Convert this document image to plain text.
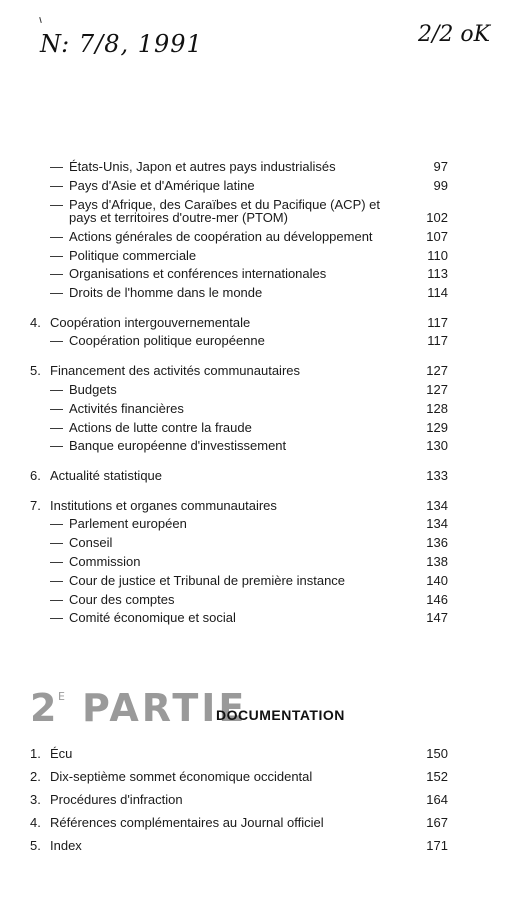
N: 7/8, 1991	2/2 oK
— États-Unis, Japon et autres pays industrialisés	97
— Pays d'Asie et d'Amérique latine	99
— Pays d'Afrique, des Caraïbes et du Pacifique (ACP) et
pays et territoires d'outre-mer (PTOM)	102
— Actions générales de coopération au développement	107
— Politique commerciale	110
— Organisations et conférences internationales	113
— Droits de l'homme dans le monde	114
4. Coopération intergouvernementale	117
— Coopération politique européenne	117
5. Financement des activités communautaires	127
— Budgets	127
— Activités financières	128
— Actions de lutte contre la fraude	129
— Banque européenne d'investissement	130
6. Actualité statistique	133
7. Institutions et organes communautaires	134
— Parlement européen	134
— Conseil	136
— Commission	138
— Cour de justice et Tribunal de première instance	140
— Cour des comptes	146
— Comité économique et social	147
2 E PARTIE
DOCUMENTATION
1. Écu	150
2. Dix-septième sommet économique occidental	152
3. Procédures d'infraction	164
4. Références complémentaires au Journal officiel	167
5. Index	171
